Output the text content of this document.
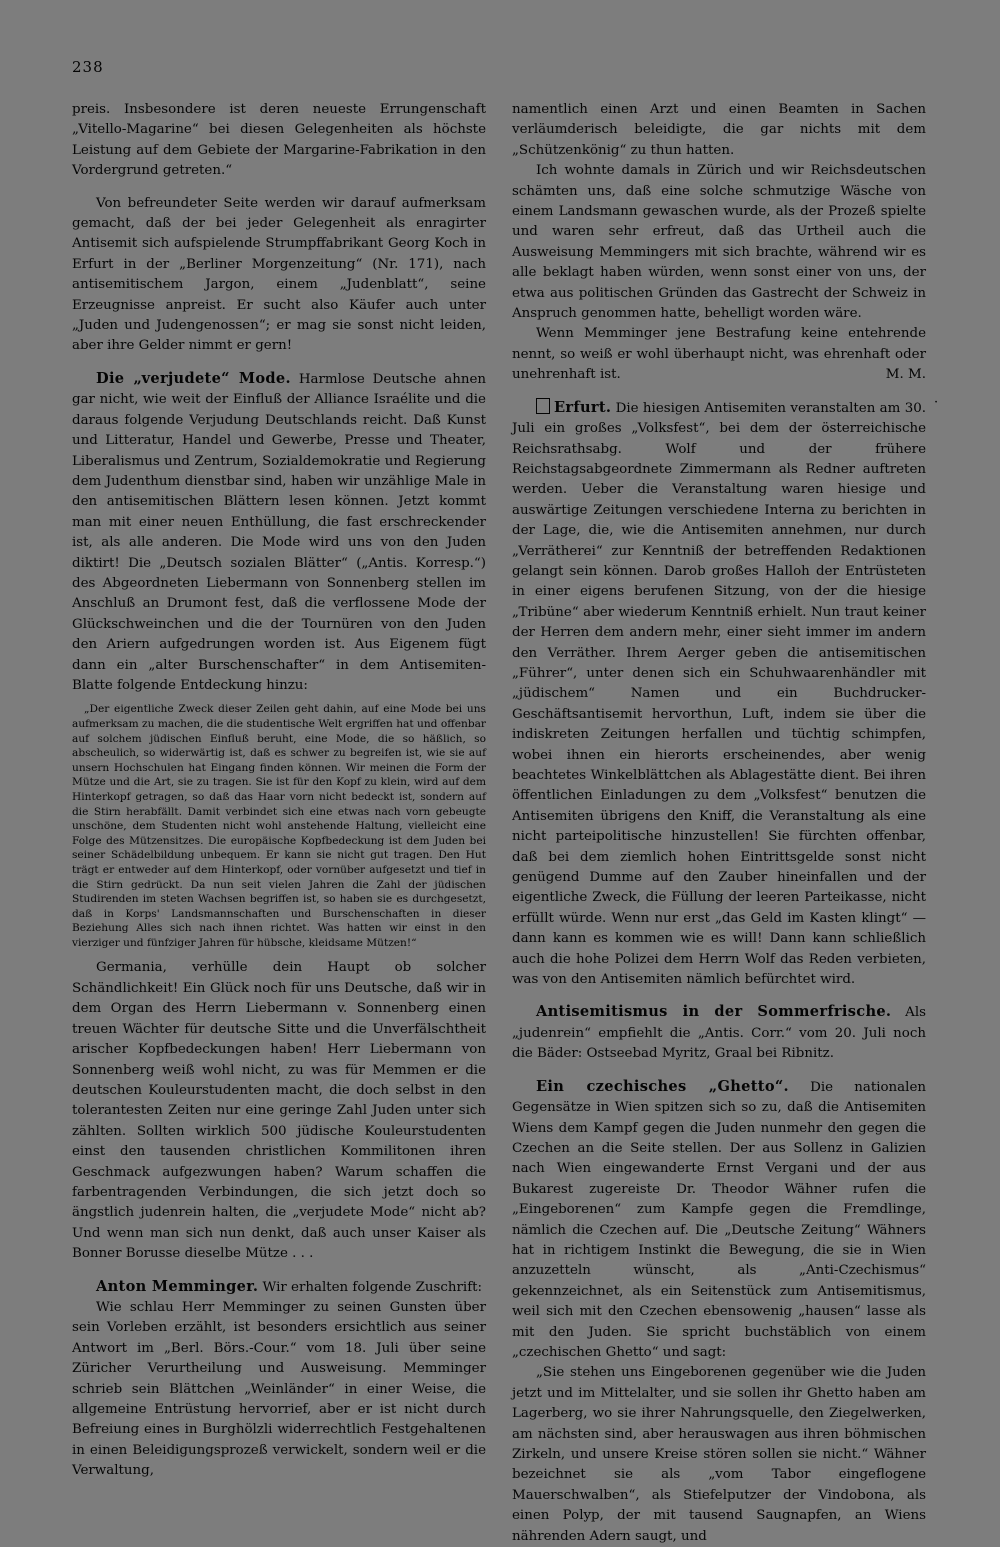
238

preis. Insbesondere ist deren neueste Errungenschaft „Vitello-Magarine“ bei diesen Gelegenheiten als höchste Leistung auf dem Gebiete der Margarine-Fabrikation in den Vordergrund getreten.“

Von befreundeter Seite werden wir darauf aufmerksam gemacht, daß der bei jeder Gelegenheit als enragirter Antisemit sich aufspielende Strumpffabrikant Georg Koch in Erfurt in der „Berliner Morgenzeitung“ (Nr. 171), nach antisemitischem Jargon, einem „Judenblatt“, seine Erzeugnisse anpreist. Er sucht also Käufer auch unter „Juden und Judengenossen“; er mag sie sonst nicht leiden, aber ihre Gelder nimmt er gern!

Die „verjudete“ Mode. Harmlose Deutsche ahnen gar nicht, wie weit der Einfluß der Alliance Israélite und die daraus folgende Verjudung Deutschlands reicht. Daß Kunst und Litteratur, Handel und Gewerbe, Presse und Theater, Liberalismus und Zentrum, Sozialdemokratie und Regierung dem Judenthum dienstbar sind, haben wir unzählige Male in den antisemitischen Blättern lesen können. Jetzt kommt man mit einer neuen Enthüllung, die fast erschreckender ist, als alle anderen. Die Mode wird uns von den Juden diktirt! Die „Deutsch sozialen Blätter“ („Antis. Korresp.“) des Abgeordneten Liebermann von Sonnenberg stellen im Anschluß an Drumont fest, daß die verflossene Mode der Glückschweinchen und die der Tournüren von den Juden den Ariern aufgedrungen worden ist. Aus Eigenem fügt dann ein „alter Burschenschafter“ in dem Antisemiten-Blatte folgende Entdeckung hinzu:

„Der eigentliche Zweck dieser Zeilen geht dahin, auf eine Mode bei uns aufmerksam zu machen, die die studentische Welt ergriffen hat und offenbar auf solchem jüdischen Einfluß beruht, eine Mode, die so häßlich, so abscheulich, so widerwärtig ist, daß es schwer zu begreifen ist, wie sie auf unsern Hochschulen hat Eingang finden können. Wir meinen die Form der Mütze und die Art, sie zu tragen. Sie ist für den Kopf zu klein, wird auf dem Hinterkopf getragen, so daß das Haar vorn nicht bedeckt ist, sondern auf die Stirn herabfällt. Damit verbindet sich eine etwas nach vorn gebeugte unschöne, dem Studenten nicht wohl anstehende Haltung, vielleicht eine Folge des Mützensitzes. Die europäische Kopfbedeckung ist dem Juden bei seiner Schädelbildung unbequem. Er kann sie nicht gut tragen. Den Hut trägt er entweder auf dem Hinterkopf, oder vornüber aufgesetzt und tief in die Stirn gedrückt. Da nun seit vielen Jahren die Zahl der jüdischen Studirenden im steten Wachsen begriffen ist, so haben sie es durchgesetzt, daß in Korps' Landsmannschaften und Burschenschaften in dieser Beziehung Alles sich nach ihnen richtet. Was hatten wir einst in den vierziger und fünfziger Jahren für hübsche, kleidsame Mützen!“

Germania, verhülle dein Haupt ob solcher Schändlichkeit! Ein Glück noch für uns Deutsche, daß wir in dem Organ des Herrn Liebermann v. Sonnenberg einen treuen Wächter für deutsche Sitte und die Unverfälschtheit arischer Kopfbedeckungen haben! Herr Liebermann von Sonnenberg weiß wohl nicht, zu was für Memmen er die deutschen Kouleurstudenten macht, die doch selbst in den tolerantesten Zeiten nur eine geringe Zahl Juden unter sich zählten. Sollten wirklich 500 jüdische Kouleurstudenten einst den tausenden christlichen Kommilitonen ihren Geschmack aufgezwungen haben? Warum schaffen die farbentragenden Verbindungen, die sich jetzt doch so ängstlich judenrein halten, die „verjudete Mode“ nicht ab? Und wenn man sich nun denkt, daß auch unser Kaiser als Bonner Borusse dieselbe Mütze . . .

Anton Memminger. Wir erhalten folgende Zuschrift:

Wie schlau Herr Memminger zu seinen Gunsten über sein Vorleben erzählt, ist besonders ersichtlich aus seiner Antwort im „Berl. Börs.-Cour.“ vom 18. Juli über seine Züricher Verurtheilung und Ausweisung. Memminger schrieb sein Blättchen „Weinländer“ in einer Weise, die allgemeine Entrüstung hervorrief, aber er ist nicht durch Befreiung eines in Burghölzli widerrechtlich Festgehaltenen in einen Beleidigungsprozeß verwickelt, sondern weil er die Verwaltung,

namentlich einen Arzt und einen Beamten in Sachen verläumderisch beleidigte, die gar nichts mit dem „Schützenkönig“ zu thun hatten.

Ich wohnte damals in Zürich und wir Reichsdeutschen schämten uns, daß eine solche schmutzige Wäsche von einem Landsmann gewaschen wurde, als der Prozeß spielte und waren sehr erfreut, daß das Urtheil auch die Ausweisung Memmingers mit sich brachte, während wir es alle beklagt haben würden, wenn sonst einer von uns, der etwa aus politischen Gründen das Gastrecht der Schweiz in Anspruch genommen hatte, behelligt worden wäre.

Wenn Memminger jene Bestrafung keine entehrende nennt, so weiß er wohl überhaupt nicht, was ehrenhaft oder unehrenhaft ist.	M. M.

Erfurt. Die hiesigen Antisemiten veranstalten am 30. Juli ein großes „Volksfest“, bei dem der österreichische Reichsrathsabg. Wolf und der frühere Reichstagsabgeordnete Zimmermann als Redner auftreten werden. Ueber die Veranstaltung waren hiesige und auswärtige Zeitungen verschiedene Interna zu berichten in der Lage, die, wie die Antisemiten annehmen, nur durch „Verrätherei“ zur Kenntniß der betreffenden Redaktionen gelangt sein können. Darob großes Halloh der Entrüsteten in einer eigens berufenen Sitzung, von der die hiesige „Tribüne“ aber wiederum Kenntniß erhielt. Nun traut keiner der Herren dem andern mehr, einer sieht immer im andern den Verräther. Ihrem Aerger geben die antisemitischen „Führer“, unter denen sich ein Schuhwaarenhändler mit „jüdischem“ Namen und ein Buchdrucker-Geschäftsantisemit hervorthun, Luft, indem sie über die indiskreten Zeitungen herfallen und tüchtig schimpfen, wobei ihnen ein hierorts erscheinendes, aber wenig beachtetes Winkelblättchen als Ablagestätte dient. Bei ihren öffentlichen Einladungen zu dem „Volksfest“ benutzen die Antisemiten übrigens den Kniff, die Veranstaltung als eine nicht parteipolitische hinzustellen! Sie fürchten offenbar, daß bei dem ziemlich hohen Eintrittsgelde sonst nicht genügend Dumme auf den Zauber hineinfallen und der eigentliche Zweck, die Füllung der leeren Parteikasse, nicht erfüllt würde. Wenn nur erst „das Geld im Kasten klingt“ — dann kann es kommen wie es will! Dann kann schließlich auch die hohe Polizei dem Herrn Wolf das Reden verbieten, was von den Antisemiten nämlich befürchtet wird.

Antisemitismus in der Sommerfrische. Als „judenrein“ empfiehlt die „Antis. Corr.“ vom 20. Juli noch die Bäder: Ostseebad Myritz, Graal bei Ribnitz.

Ein czechisches „Ghetto“. Die nationalen Gegensätze in Wien spitzen sich so zu, daß die Antisemiten Wiens dem Kampf gegen die Juden nunmehr den gegen die Czechen an die Seite stellen. Der aus Sollenz in Galizien nach Wien eingewanderte Ernst Vergani und der aus Bukarest zugereiste Dr. Theodor Wähner rufen die „Eingeborenen“ zum Kampfe gegen die Fremdlinge, nämlich die Czechen auf. Die „Deutsche Zeitung“ Wähners hat in richtigem Instinkt die Bewegung, die sie in Wien anzuzetteln wünscht, als „Anti-Czechismus“ gekennzeichnet, als ein Seitenstück zum Antisemitismus, weil sich mit den Czechen ebensowenig „hausen“ lasse als mit den Juden. Sie spricht buchstäblich von einem „czechischen Ghetto“ und sagt:

„Sie stehen uns Eingeborenen gegenüber wie die Juden jetzt und im Mittelalter, und sie sollen ihr Ghetto haben am Lagerberg, wo sie ihrer Nahrungsquelle, den Ziegelwerken, am nächsten sind, aber herauswagen aus ihren böhmischen Zirkeln, und unsere Kreise stören sollen sie nicht.“ Wähner bezeichnet sie als „vom Tabor eingeflogene Mauerschwalben“, als Stiefelputzer der Vindobona, als einen Polyp, der mit tausend Saugnapfen, an Wiens nährenden Adern saugt, und

·
